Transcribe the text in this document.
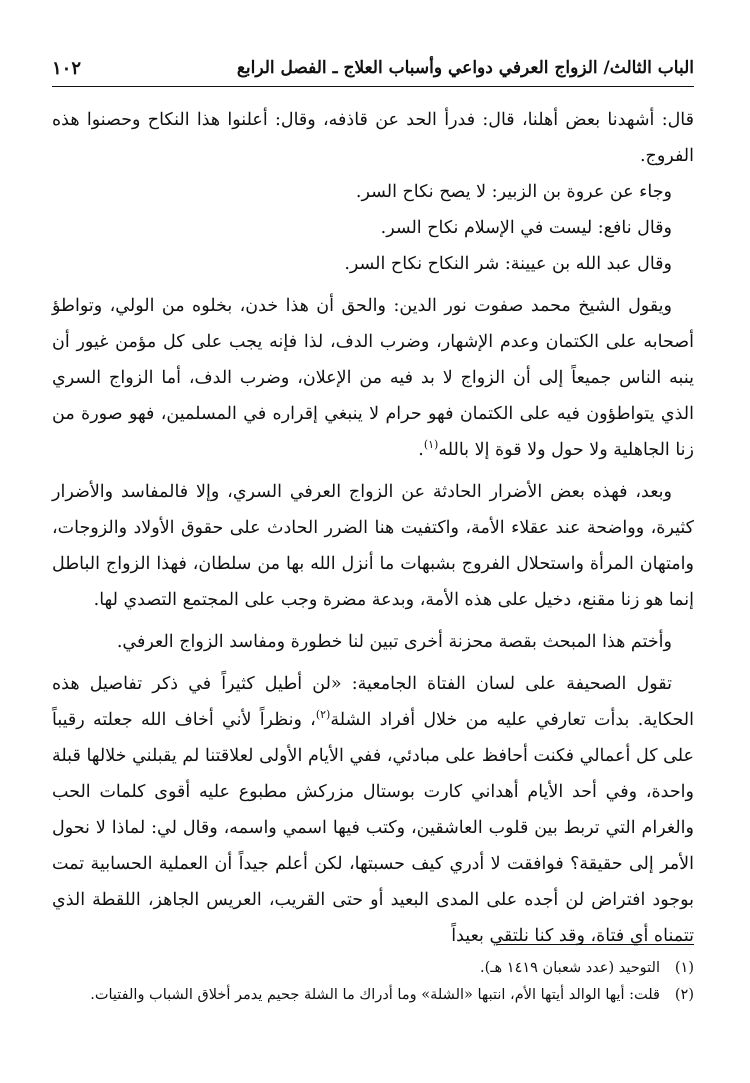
الباب الثالث/ الزواج العرفي دواعي وأسباب العلاج ـ الفصل الرابع
١٠٢

قال: أشهدنا بعض أهلنا، قال: فدرأ الحد عن قاذفه، وقال: أعلنوا هذا النكاح وحصنوا هذه الفروج.

وجاء عن عروة بن الزبير: لا يصح نكاح السر.

وقال نافع: ليست في الإسلام نكاح السر.

وقال عبد الله بن عيينة: شر النكاح نكاح السر.

ويقول الشيخ محمد صفوت نور الدين: والحق أن هذا خدن، بخلوه من الولي، وتواطؤ أصحابه على الكتمان وعدم الإشهار، وضرب الدف، لذا فإنه يجب على كل مؤمن غيور أن ينبه الناس جميعاً إلى أن الزواج لا بد فيه من الإعلان، وضرب الدف، أما الزواج السري الذي يتواطؤون فيه على الكتمان فهو حرام لا ينبغي إقراره في المسلمين، فهو صورة من زنا الجاهلية ولا حول ولا قوة إلا بالله$^{(١)}$.

وبعد، فهذه بعض الأضرار الحادثة عن الزواج العرفي السري، وإلا فالمفاسد والأضرار كثيرة، وواضحة عند عقلاء الأمة، واكتفيت هنا الضرر الحادث على حقوق الأولاد والزوجات، وامتهان المرأة واستحلال الفروج بشبهات ما أنزل الله بها من سلطان، فهذا الزواج الباطل إنما هو زنا مقنع، دخيل على هذه الأمة، وبدعة مضرة وجب على المجتمع التصدي لها.

وأختم هذا المبحث بقصة محزنة أخرى تبين لنا خطورة ومفاسد الزواج العرفي.

تقول الصحيفة على لسان الفتاة الجامعية: «لن أطيل كثيراً في ذكر تفاصيل هذه الحكاية. بدأت تعارفي عليه من خلال أفراد الشلة$^{(٢)}$، ونظراً لأني أخاف الله جعلته رقيباً على كل أعمالي فكنت أحافظ على مبادئي، ففي الأيام الأولى لعلاقتنا لم يقبلني خلالها قبلة واحدة، وفي أحد الأيام أهداني كارت بوستال مزركش مطبوع عليه أقوى كلمات الحب والغرام التي تربط بين قلوب العاشقين، وكتب فيها اسمي واسمه، وقال لي: لماذا لا نحول الأمر إلى حقيقة؟ فوافقت لا أدري كيف حسبتها، لكن أعلم جيداً أن العملية الحسابية تمت بوجود افتراض لن أجده على المدى البعيد أو حتى القريب، العريس الجاهز، اللقطة الذي تتمناه أي فتاة، وقد كنا نلتقي بعيداً

(١)
التوحيد (عدد شعبان ١٤١٩ هـ).
(٢)
قلت: أيها الوالد أيتها الأم، انتبها «الشلة» وما أدراك ما الشلة جحيم يدمر أخلاق الشباب والفتيات.
